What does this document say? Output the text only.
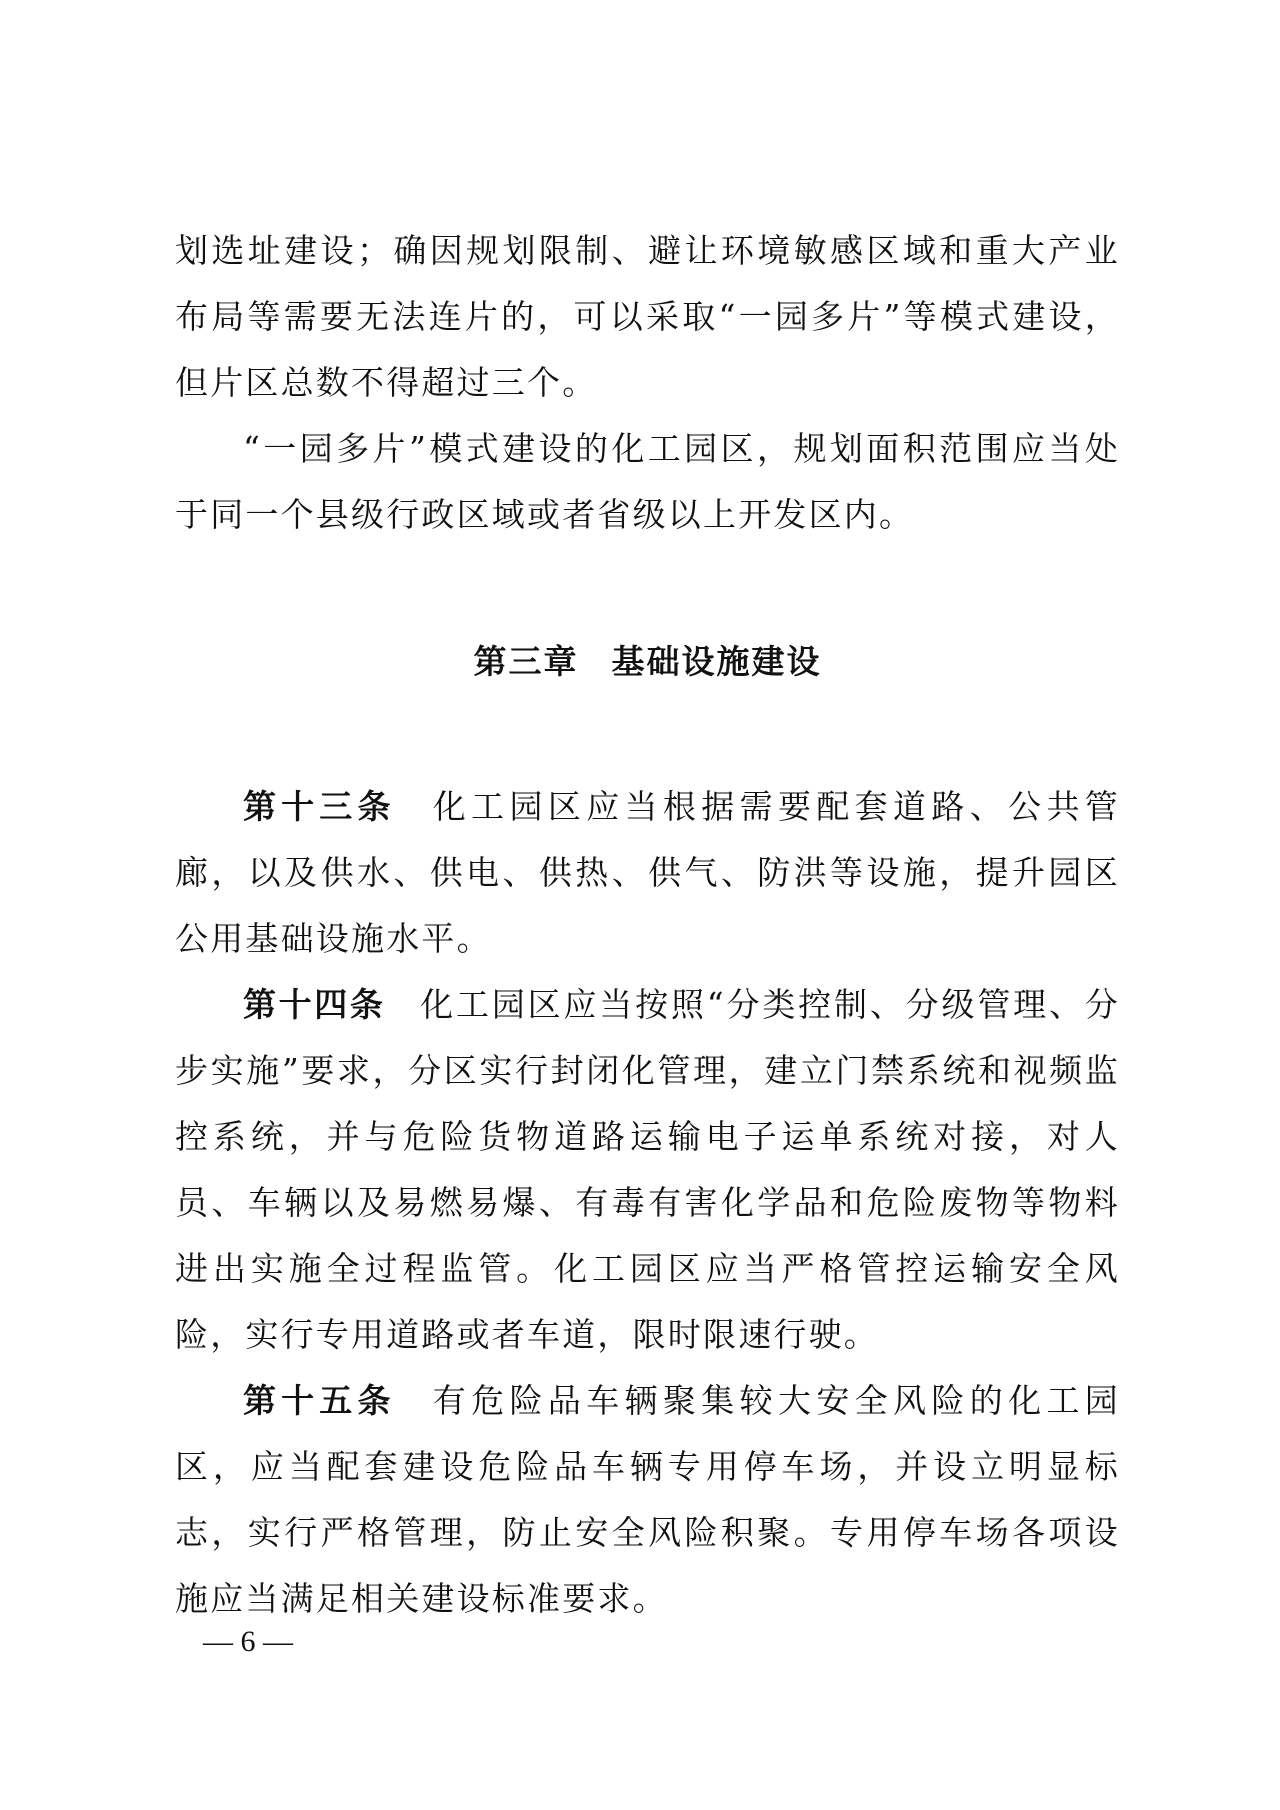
划选址建设；确因规划限制、避让环境敏感区域和重大产业布局等需要无法连片的，可以采取“一园多片”等模式建设，但片区总数不得超过三个。

“一园多片”模式建设的化工园区，规划面积范围应当处于同一个县级行政区域或者省级以上开发区内。

第三章 基础设施建设

第十三条 化工园区应当根据需要配套道路、公共管廊，以及供水、供电、供热、供气、防洪等设施，提升园区公用基础设施水平。

第十四条 化工园区应当按照“分类控制、分级管理、分步实施”要求，分区实行封闭化管理，建立门禁系统和视频监控系统，并与危险货物道路运输电子运单系统对接，对人员、车辆以及易燃易爆、有毒有害化学品和危险废物等物料进出实施全过程监管。化工园区应当严格管控运输安全风险，实行专用道路或者车道，限时限速行驶。

第十五条 有危险品车辆聚集较大安全风险的化工园区，应当配套建设危险品车辆专用停车场，并设立明显标志，实行严格管理，防止安全风险积聚。专用停车场各项设施应当满足相关建设标准要求。

— 6 —
